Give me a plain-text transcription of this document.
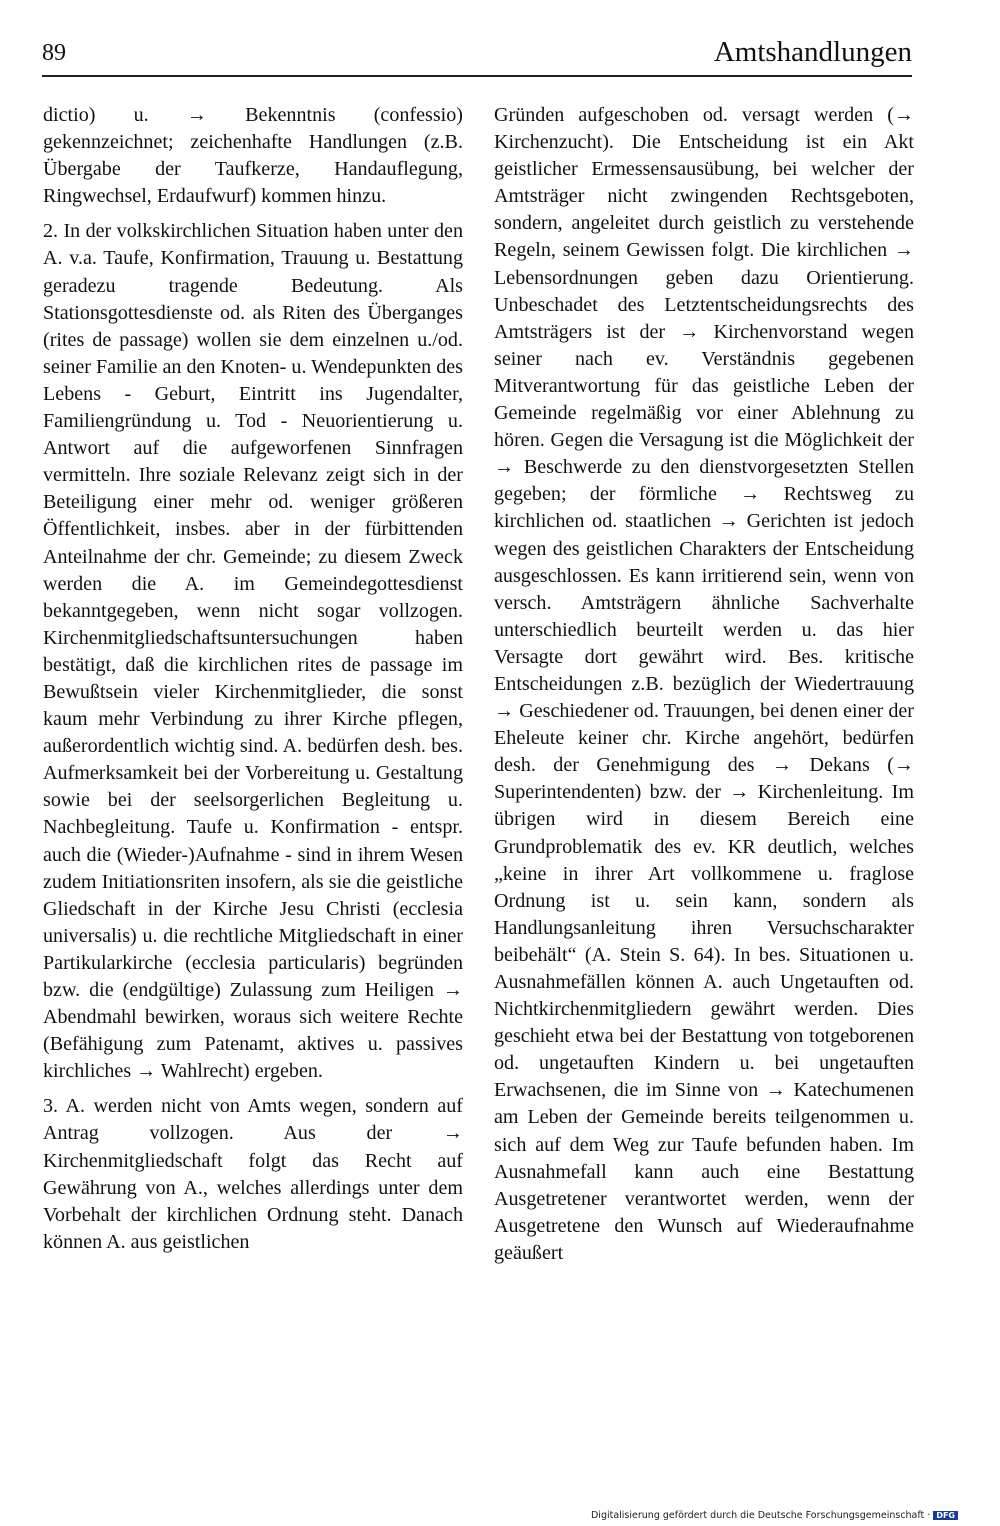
89	Amtshandlungen

dictio) u. → Bekenntnis (confessio) gekennzeichnet; zeichenhafte Handlungen (z.B. Übergabe der Taufkerze, Handauflegung, Ringwechsel, Erdaufwurf) kommen hinzu.

2. In der volkskirchlichen Situation haben unter den A. v.a. Taufe, Konfirmation, Trauung u. Bestattung geradezu tragende Bedeutung. Als Stationsgottesdienste od. als Riten des Überganges (rites de passage) wollen sie dem einzelnen u./od. seiner Familie an den Knoten- u. Wendepunkten des Lebens - Geburt, Eintritt ins Jugendalter, Familiengründung u. Tod - Neuorientierung u. Antwort auf die aufgeworfenen Sinnfragen vermitteln. Ihre soziale Relevanz zeigt sich in der Beteiligung einer mehr od. weniger größeren Öffentlichkeit, insbes. aber in der fürbittenden Anteilnahme der chr. Gemeinde; zu diesem Zweck werden die A. im Gemeindegottesdienst bekanntgegeben, wenn nicht sogar vollzogen. Kirchenmitgliedschaftsuntersuchungen haben bestätigt, daß die kirchlichen rites de passage im Bewußtsein vieler Kirchenmitglieder, die sonst kaum mehr Verbindung zu ihrer Kirche pflegen, außerordentlich wichtig sind. A. bedürfen desh. bes. Aufmerksamkeit bei der Vorbereitung u. Gestaltung sowie bei der seelsorgerlichen Begleitung u. Nachbegleitung. Taufe u. Konfirmation - entspr. auch die (Wieder-)Aufnahme - sind in ihrem Wesen zudem Initiationsriten insofern, als sie die geistliche Gliedschaft in der Kirche Jesu Christi (ecclesia universalis) u. die rechtliche Mitgliedschaft in einer Partikularkirche (ecclesia particularis) begründen bzw. die (endgültige) Zulassung zum Heiligen → Abendmahl bewirken, woraus sich weitere Rechte (Befähigung zum Patenamt, aktives u. passives kirchliches → Wahlrecht) ergeben.

3. A. werden nicht von Amts wegen, sondern auf Antrag vollzogen. Aus der → Kirchenmitgliedschaft folgt das Recht auf Gewährung von A., welches allerdings unter dem Vorbehalt der kirchlichen Ordnung steht. Danach können A. aus geistlichen

Gründen aufgeschoben od. versagt werden (→ Kirchenzucht). Die Entscheidung ist ein Akt geistlicher Ermessensausübung, bei welcher der Amtsträger nicht zwingenden Rechtsgeboten, sondern, angeleitet durch geistlich zu verstehende Regeln, seinem Gewissen folgt. Die kirchlichen → Lebensordnungen geben dazu Orientierung. Unbeschadet des Letztentscheidungsrechts des Amtsträgers ist der → Kirchenvorstand wegen seiner nach ev. Verständnis gegebenen Mitverantwortung für das geistliche Leben der Gemeinde regelmäßig vor einer Ablehnung zu hören. Gegen die Versagung ist die Möglichkeit der → Beschwerde zu den dienstvorgesetzten Stellen gegeben; der förmliche → Rechtsweg zu kirchlichen od. staatlichen → Gerichten ist jedoch wegen des geistlichen Charakters der Entscheidung ausgeschlossen. Es kann irritierend sein, wenn von versch. Amtsträgern ähnliche Sachverhalte unterschiedlich beurteilt werden u. das hier Versagte dort gewährt wird. Bes. kritische Entscheidungen z.B. bezüglich der Wiedertrauung → Geschiedener od. Trauungen, bei denen einer der Eheleute keiner chr. Kirche angehört, bedürfen desh. der Genehmigung des → Dekans (→ Superintendenten) bzw. der → Kirchenleitung. Im übrigen wird in diesem Bereich eine Grundproblematik des ev. KR deutlich, welches „keine in ihrer Art vollkommene u. fraglose Ordnung ist u. sein kann, sondern als Handlungsanleitung ihren Versuchscharakter beibehält“ (A. Stein S. 64). In bes. Situationen u. Ausnahmefällen können A. auch Ungetauften od. Nichtkirchenmitgliedern gewährt werden. Dies geschieht etwa bei der Bestattung von totgeborenen od. ungetauften Kindern u. bei ungetauften Erwachsenen, die im Sinne von → Katechumenen am Leben der Gemeinde bereits teilgenommen u. sich auf dem Weg zur Taufe befunden haben. Im Ausnahmefall kann auch eine Bestattung Ausgetretener verantwortet werden, wenn der Ausgetretene den Wunsch auf Wiederaufnahme geäußert

Digitalisierung gefördert durch die Deutsche Forschungsgemeinschaft · DFG
